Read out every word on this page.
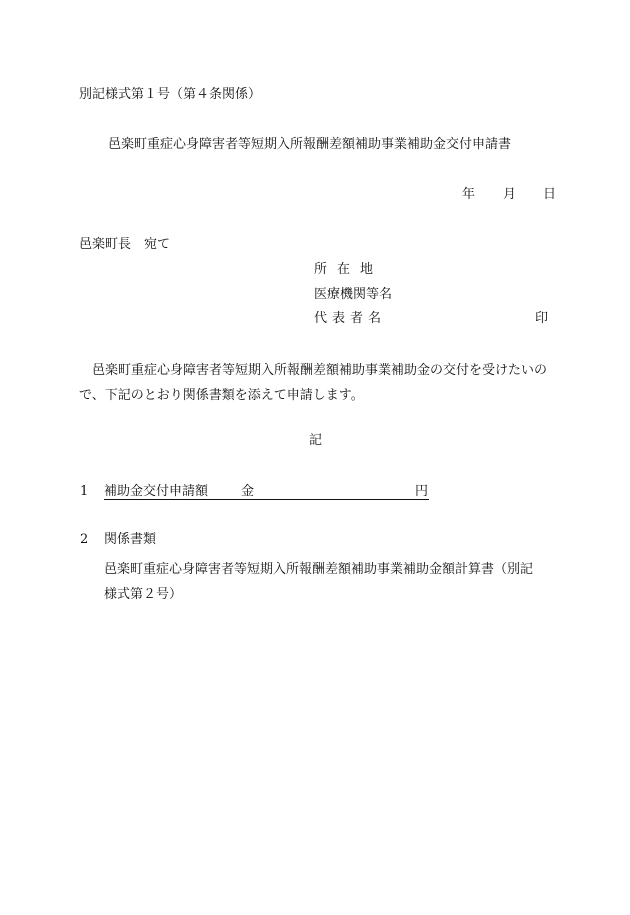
別記様式第１号（第４条関係）
邑楽町重症心身障害者等短期入所報酬差額補助事業補助金交付申請書
年 月 日
邑楽町長　宛て
所在地
医療機関等名
代表者名	印
邑楽町重症心身障害者等短期入所報酬差額補助事業補助金の交付を受けたいので、下記のとおり関係書類を添えて申請します。
記
1 補助金交付申請額	金	円
2 関係書類
邑楽町重症心身障害者等短期入所報酬差額補助事業補助金額計算書（別記
様式第２号）
